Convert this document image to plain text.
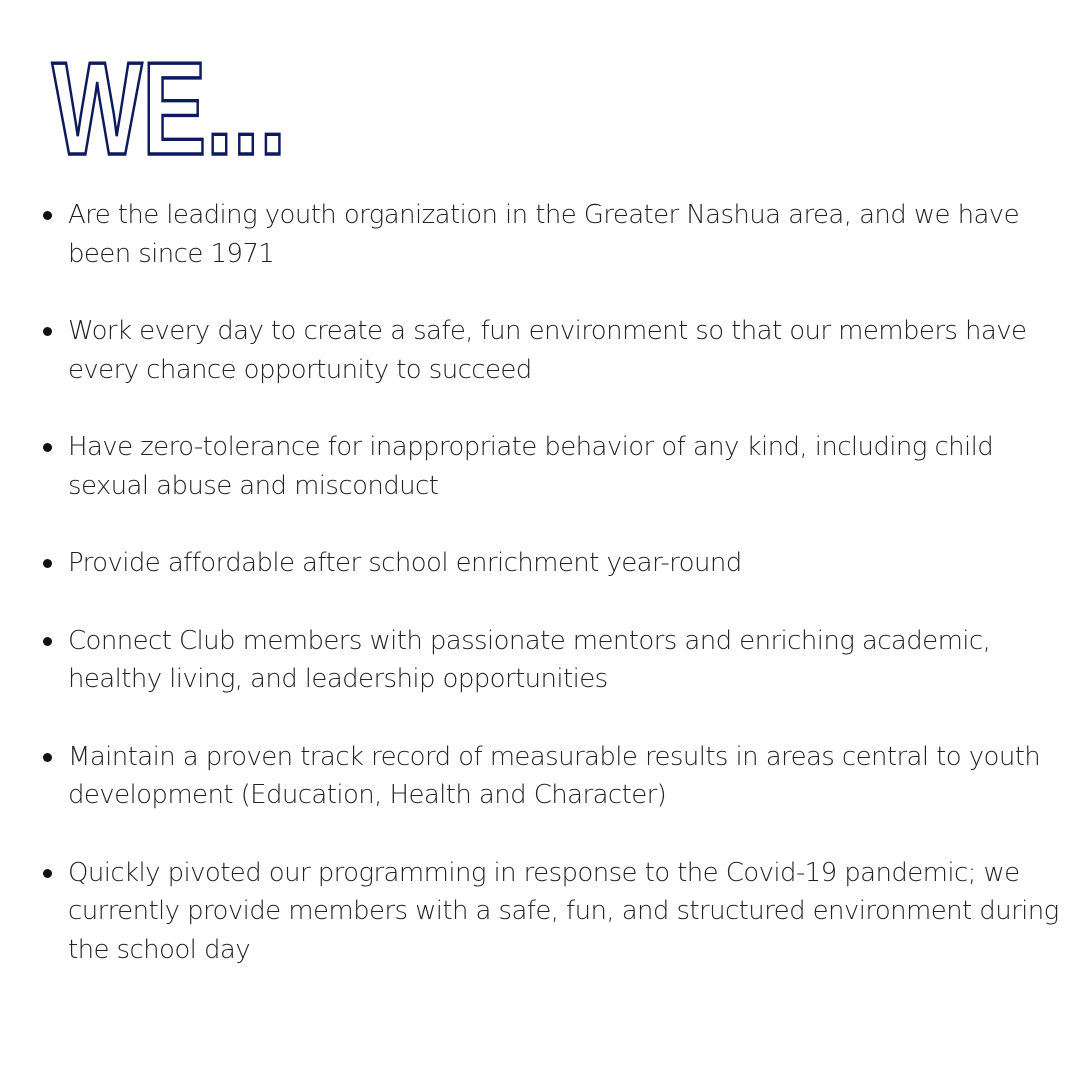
WE...
Are the leading youth organization in the Greater Nashua area, and we have been since 1971
Work every day to create a safe, fun environment so that our members have every chance opportunity to succeed
Have zero-tolerance for inappropriate behavior of any kind, including child sexual abuse and misconduct
Provide affordable after school enrichment year-round
Connect Club members with passionate mentors and enriching academic, healthy living, and leadership opportunities
Maintain a proven track record of measurable results in areas central to youth development (Education, Health and Character)
Quickly pivoted our programming in response to the Covid-19 pandemic; we currently provide members with a safe, fun, and structured environment during the school day
